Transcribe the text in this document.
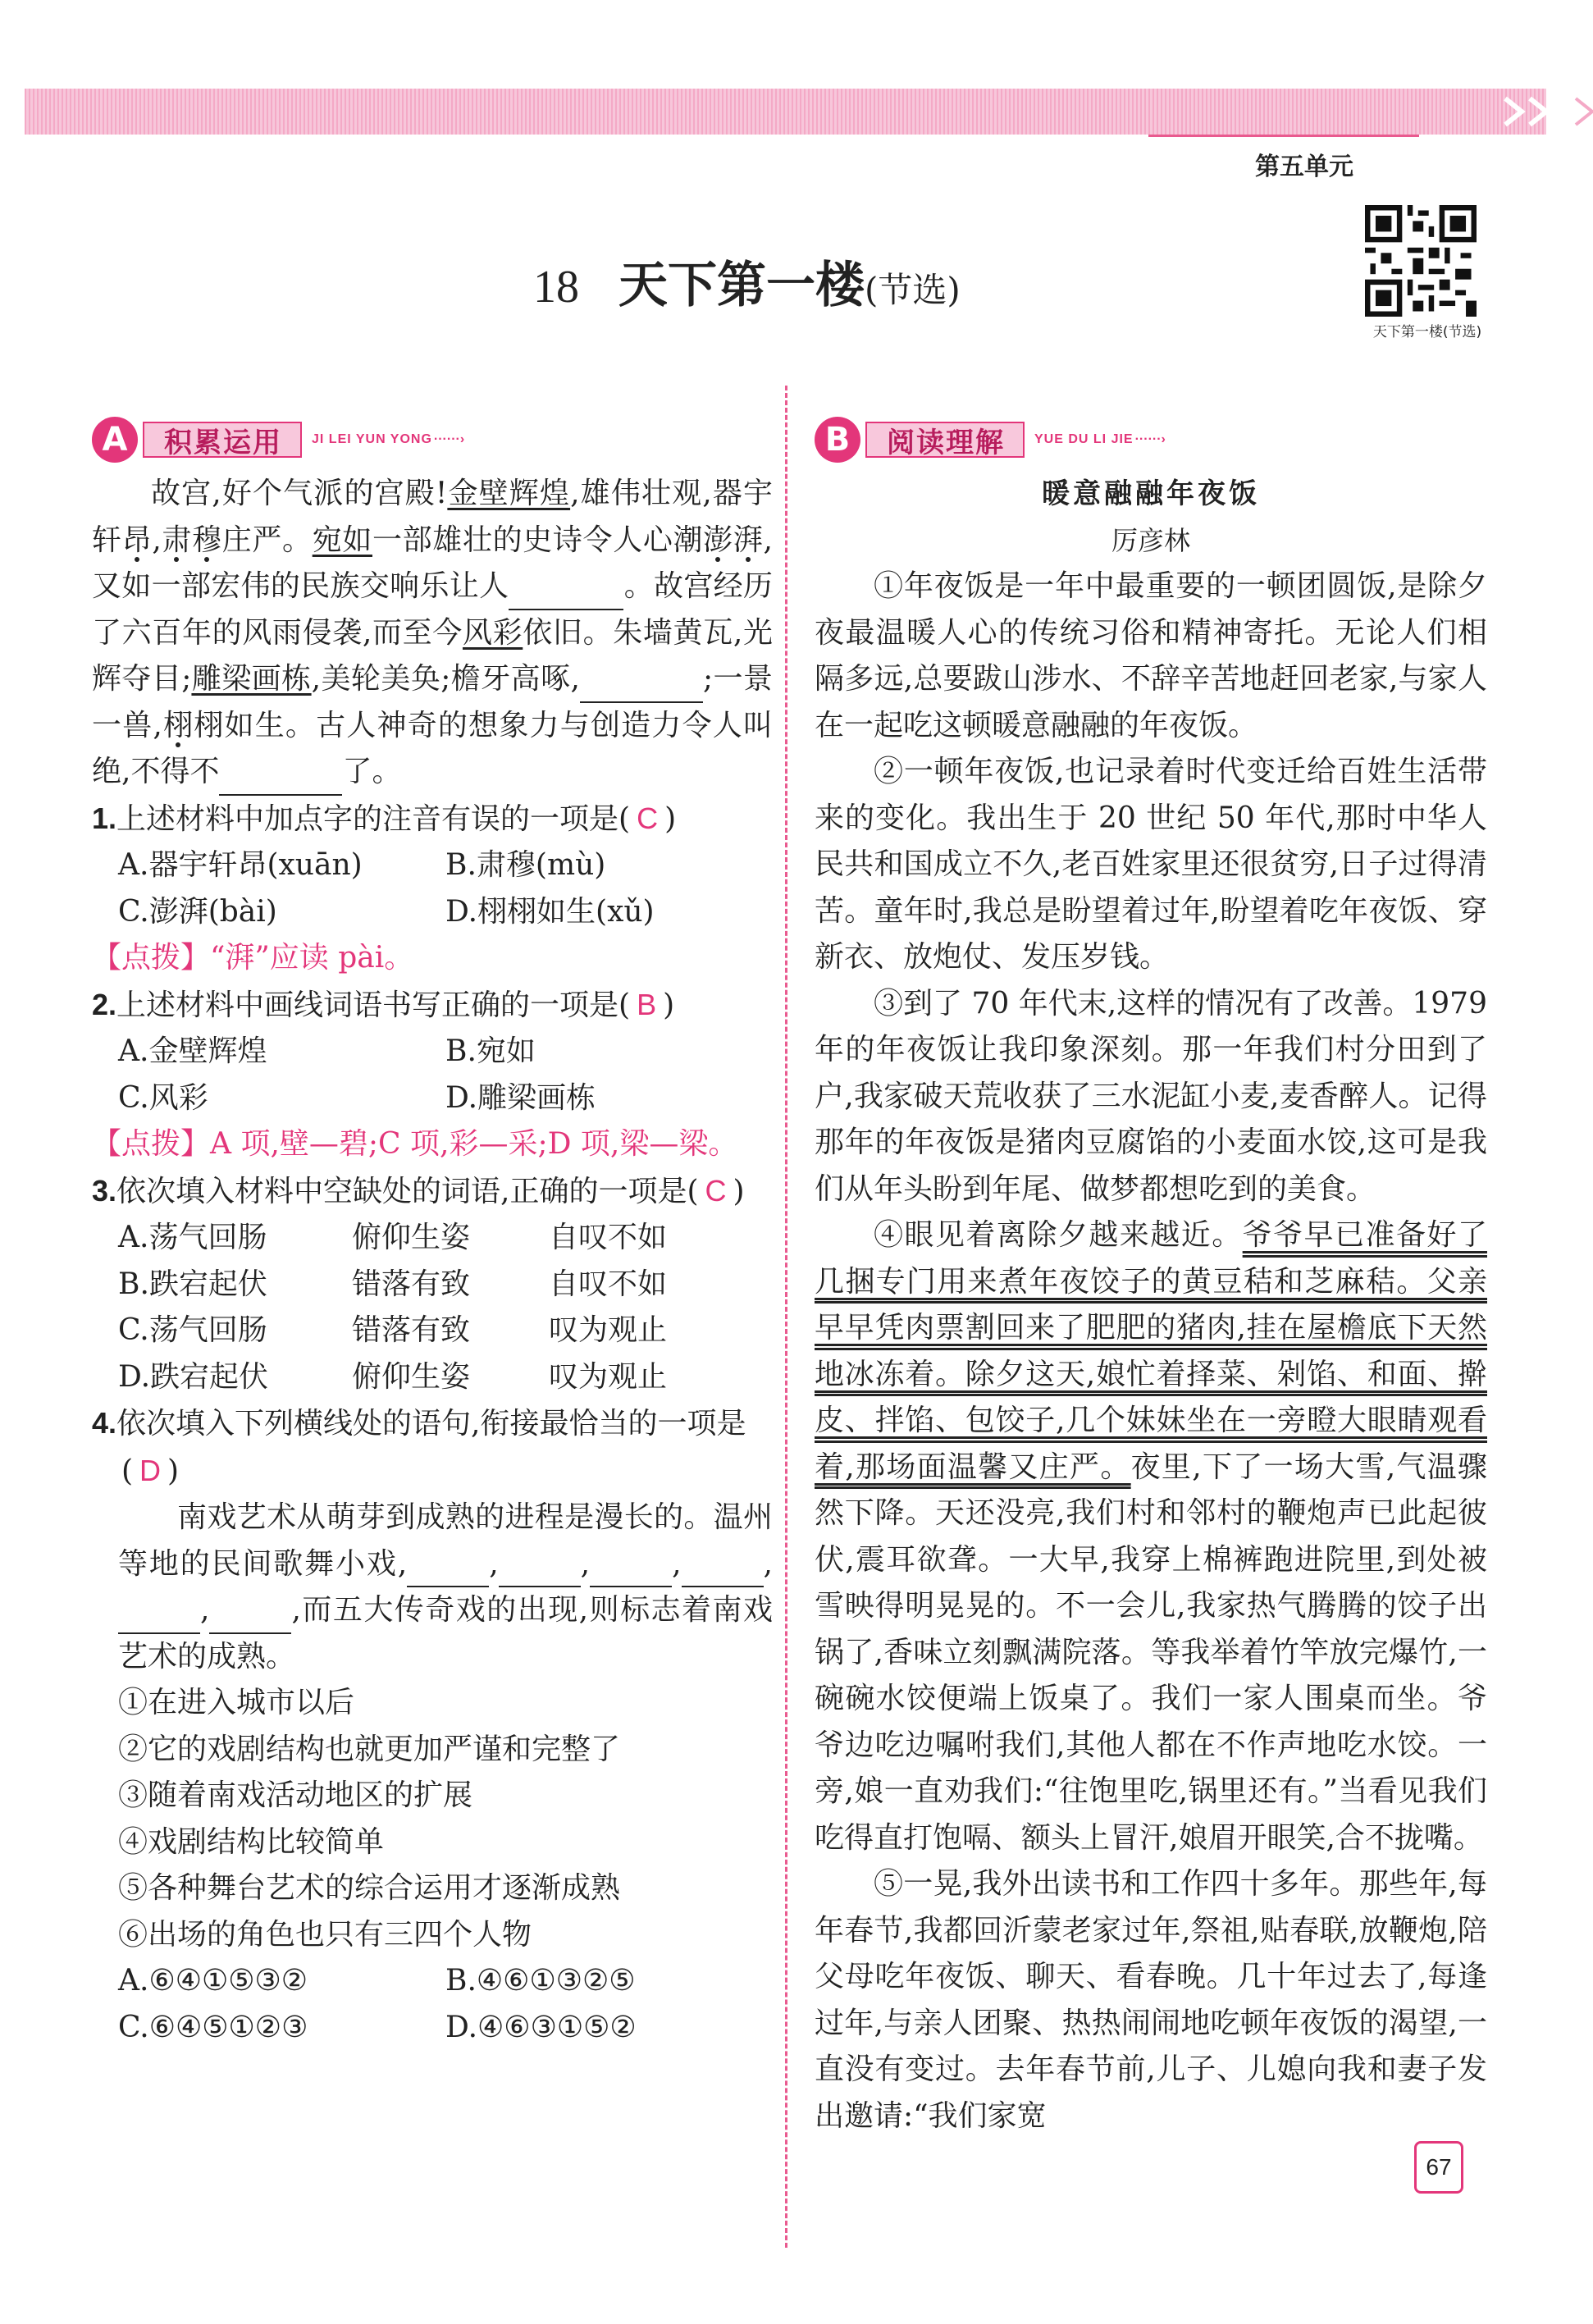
第五单元
天下第一楼(节选)
18 天下第一楼(节选)
A	积累运用	JI LEI YUN YONG ······›	B	阅读理解	YUE DU LI JIE ······›
故宫,好个气派的宫殿!金壁辉煌,雄伟壮观,器宇轩昂,肃穆庄严。宛如一部雄壮的史诗令人心潮澎湃,又如一部宏伟的民族交响乐让人	。故宫经历了六百年的风雨侵袭,而至今风彩依旧。朱墙黄瓦,光辉夺目;雕梁画栋,美轮美奂;檐牙高啄,	;一景一兽,栩栩如生。古人神奇的想象力与创造力令人叫绝,不得不	了。
1.上述材料中加点字的注音有误的一项是( C )
A.器宇轩昂(xuān)	B.肃穆(mù)
C.澎湃(bài)	D.栩栩如生(xǔ)
【点拨】“湃”应读 pài。
2.上述材料中画线词语书写正确的一项是( B )
A.金壁辉煌	B.宛如
C.风彩	D.雕梁画栋
【点拨】A 项,壁—碧;C 项,彩—采;D 项,梁—梁。
3.依次填入材料中空缺处的词语,正确的一项是( C )
A.荡气回肠	俯仰生姿	自叹不如
B.跌宕起伏	错落有致	自叹不如
C.荡气回肠	错落有致	叹为观止
D.跌宕起伏	俯仰生姿	叹为观止
4.依次填入下列横线处的语句,衔接最恰当的一项是( D )
南戏艺术从萌芽到成熟的进程是漫长的。温州等地的民间歌舞小戏,	,	,	,	,,	,而五大传奇戏的出现,则标志着南戏艺术的成熟。
①在进入城市以后
②它的戏剧结构也就更加严谨和完整了
③随着南戏活动地区的扩展
④戏剧结构比较简单
⑤各种舞台艺术的综合运用才逐渐成熟
⑥出场的角色也只有三四个人物
A.⑥④①⑤③②	B.④⑥①③②⑤
C.⑥④⑤①②③	D.④⑥③①⑤②
暖意融融年夜饭
厉彦林
①年夜饭是一年中最重要的一顿团圆饭,是除夕夜最温暖人心的传统习俗和精神寄托。无论人们相隔多远,总要跋山涉水、不辞辛苦地赶回老家,与家人在一起吃这顿暖意融融的年夜饭。
②一顿年夜饭,也记录着时代变迁给百姓生活带来的变化。我出生于 20 世纪 50 年代,那时中华人民共和国成立不久,老百姓家里还很贫穷,日子过得清苦。童年时,我总是盼望着过年,盼望着吃年夜饭、穿新衣、放炮仗、发压岁钱。
③到了 70 年代末,这样的情况有了改善。1979 年的年夜饭让我印象深刻。那一年我们村分田到了户,我家破天荒收获了三水泥缸小麦,麦香醉人。记得那年的年夜饭是猪肉豆腐馅的小麦面水饺,这可是我们从年头盼到年尾、做梦都想吃到的美食。
④眼见着离除夕越来越近。爷爷早已准备好了几捆专门用来煮年夜饺子的黄豆秸和芝麻秸。父亲早早凭肉票割回来了肥肥的猪肉,挂在屋檐底下天然地冰冻着。除夕这天,娘忙着择菜、剁馅、和面、擀皮、拌馅、包饺子,几个妹妹坐在一旁瞪大眼睛观看着,那场面温馨又庄严。夜里,下了一场大雪,气温骤然下降。天还没亮,我们村和邻村的鞭炮声已此起彼伏,震耳欲聋。一大早,我穿上棉裤跑进院里,到处被雪映得明晃晃的。不一会儿,我家热气腾腾的饺子出锅了,香味立刻飘满院落。等我举着竹竿放完爆竹,一碗碗水饺便端上饭桌了。我们一家人围桌而坐。爷爷边吃边嘱咐我们,其他人都在不作声地吃水饺。一旁,娘一直劝我们:“往饱里吃,锅里还有。”当看见我们吃得直打饱嗝、额头上冒汗,娘眉开眼笑,合不拢嘴。
⑤一晃,我外出读书和工作四十多年。那些年,每年春节,我都回沂蒙老家过年,祭祖,贴春联,放鞭炮,陪父母吃年夜饭、聊天、看春晚。几十年过去了,每逢过年,与亲人团聚、热热闹闹地吃顿年夜饭的渴望,一直没有变过。去年春节前,儿子、儿媳向我和妻子发出邀请:“我们家宽
67
